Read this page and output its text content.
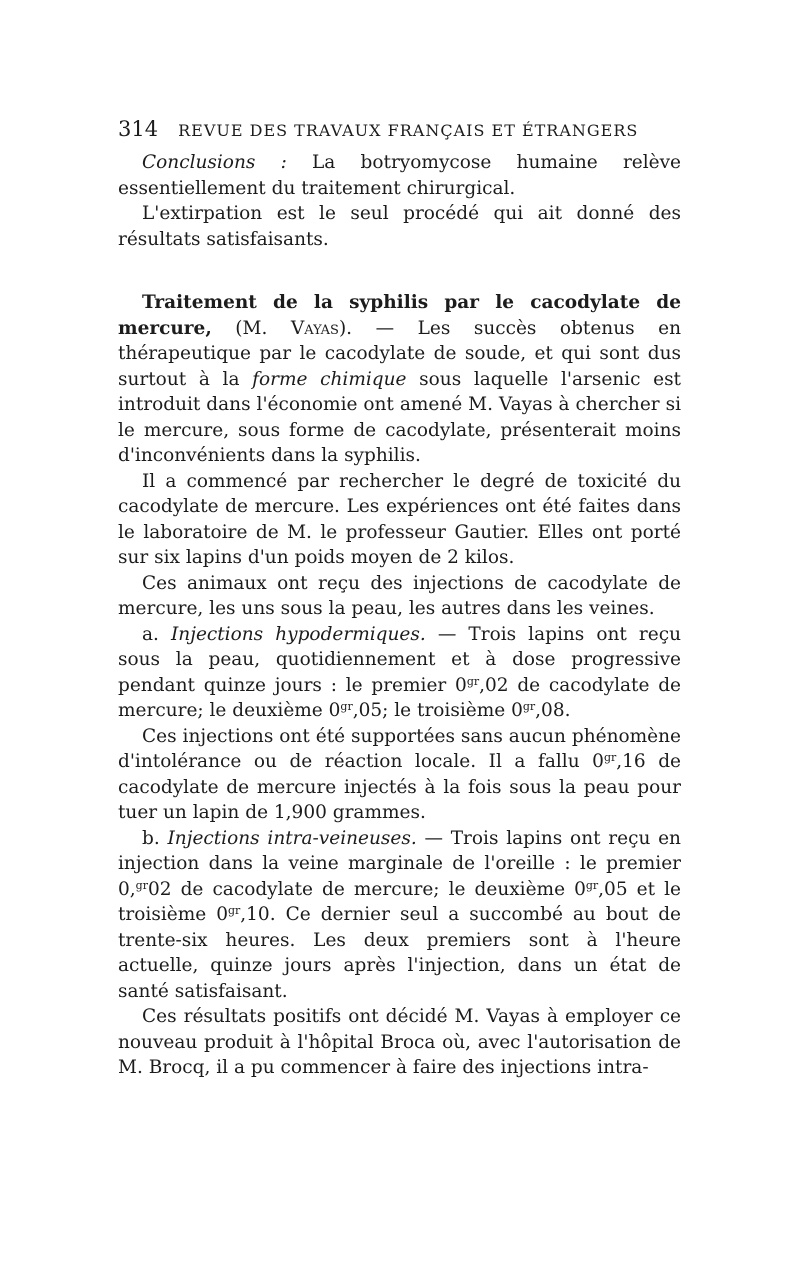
314 REVUE DES TRAVAUX FRANÇAIS ET ÉTRANGERS

Conclusions : La botryomycose humaine relève essentiellement du traitement chirurgical.

L'extirpation est le seul procédé qui ait donné des résultats satisfaisants.

Traitement de la syphilis par le cacodylate de mercure, (M. Vayas). — Les succès obtenus en thérapeutique par le cacodylate de soude, et qui sont dus surtout à la forme chimique sous laquelle l'arsenic est introduit dans l'économie ont amené M. Vayas à chercher si le mercure, sous forme de cacodylate, présenterait moins d'inconvénients dans la syphilis.

Il a commencé par rechercher le degré de toxicité du cacodylate de mercure. Les expériences ont été faites dans le laboratoire de M. le professeur Gautier. Elles ont porté sur six lapins d'un poids moyen de 2 kilos.

Ces animaux ont reçu des injections de cacodylate de mercure, les uns sous la peau, les autres dans les veines.

a. Injections hypodermiques. — Trois lapins ont reçu sous la peau, quotidiennement et à dose progressive pendant quinze jours : le premier $0^{gr},02$ de cacodylate de mercure; le deuxième $0^{gr},05$; le troisième $0^{gr},08$.

Ces injections ont été supportées sans aucun phénomène d'intolérance ou de réaction locale. Il a fallu $0^{gr},16$ de cacodylate de mercure injectés à la fois sous la peau pour tuer un lapin de 1,900 grammes.

b. Injections intra-veineuses. — Trois lapins ont reçu en injection dans la veine marginale de l'oreille : le premier 0,$^{gr}$02 de cacodylate de mercure; le deuxième $0^{gr},05$ et le troisième $0^{gr},10$. Ce dernier seul a succombé au bout de trente-six heures. Les deux premiers sont à l'heure actuelle, quinze jours après l'injection, dans un état de santé satisfaisant.

Ces résultats positifs ont décidé M. Vayas à employer ce nouveau produit à l'hôpital Broca où, avec l'autorisation de M. Brocq, il a pu commencer à faire des injections intra-
